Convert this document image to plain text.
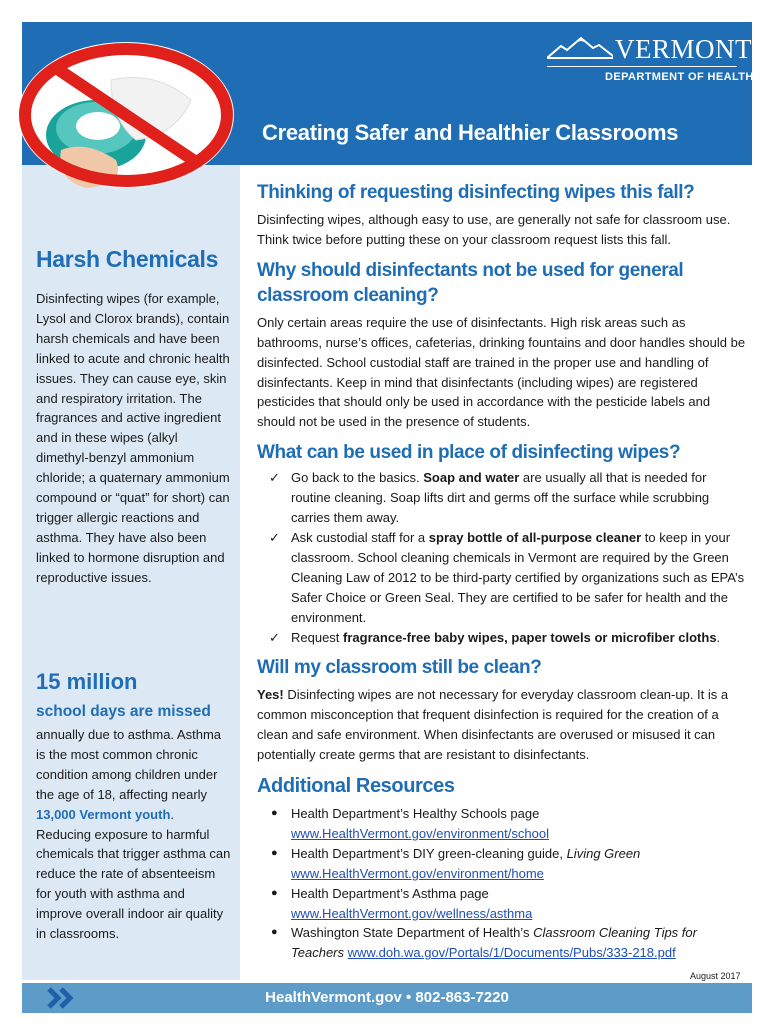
VERMONT
DEPARTMENT OF HEALTH
Creating Safer and Healthier Classrooms
Harsh Chemicals

Disinfecting wipes (for example, Lysol and Clorox brands), contain harsh chemicals and have been linked to acute and chronic health issues. They can cause eye, skin and respiratory irritation. The fragrances and active ingredient and in these wipes (alkyl dimethyl-benzyl ammonium chloride; a quaternary ammonium compound or “quat” for short) can trigger allergic reactions and asthma. They have also been linked to hormone disruption and reproductive issues.

15 million
school days are missed

annually due to asthma. Asthma is the most common chronic condition among children under the age of 18, affecting nearly 13,000 Vermont youth. Reducing exposure to harmful chemicals that trigger asthma can reduce the rate of absenteeism for youth with asthma and improve overall indoor air quality in classrooms.

Thinking of requesting disinfecting wipes this fall?

Disinfecting wipes, although easy to use, are generally not safe for classroom use. Think twice before putting these on your classroom request lists this fall.

Why should disinfectants not be used for general classroom cleaning?

Only certain areas require the use of disinfectants. High risk areas such as bathrooms, nurse’s offices, cafeterias, drinking fountains and door handles should be disinfected. School custodial staff are trained in the proper use and handling of disinfectants. Keep in mind that disinfectants (including wipes) are registered pesticides that should only be used in accordance with the pesticide labels and should not be used in the presence of students.

What can be used in place of disinfecting wipes?
✓ Go back to the basics. Soap and water are usually all that is needed for routine cleaning. Soap lifts dirt and germs off the surface while scrubbing carries them away.
✓ Ask custodial staff for a spray bottle of all-purpose cleaner to keep in your classroom. School cleaning chemicals in Vermont are required by the Green Cleaning Law of 2012 to be third-party certified by organizations such as EPA’s Safer Choice or Green Seal. They are certified to be safer for health and the environment.
✓ Request fragrance-free baby wipes, paper towels or microfiber cloths.
Will my classroom still be clean?

Yes! Disinfecting wipes are not necessary for everyday classroom clean-up. It is a common misconception that frequent disinfection is required for the creation of a clean and safe environment. When disinfectants are overused or misused it can potentially create germs that are resistant to disinfectants.

Additional Resources
● Health Department’s Healthy Schools page
www.HealthVermont.gov/environment/school
● Health Department’s DIY green-cleaning guide, Living Green
www.HealthVermont.gov/environment/home
● Health Department’s Asthma page
www.HealthVermont.gov/wellness/asthma
● Washington State Department of Health’s Classroom Cleaning Tips for Teachers www.doh.wa.gov/Portals/1/Documents/Pubs/333-218.pdf
August 2017
HealthVermont.gov • 802-863-7220
